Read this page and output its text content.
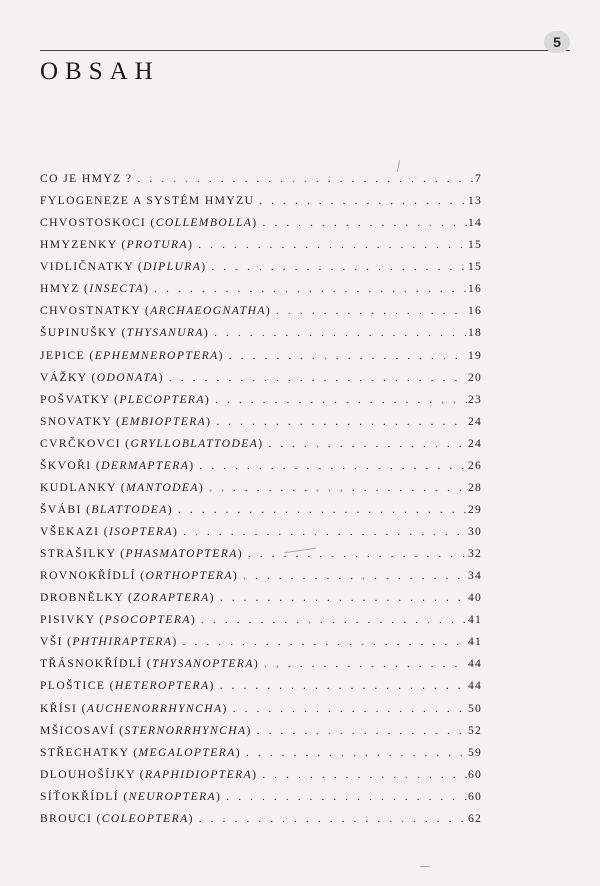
5
OBSAH
CO JE HMYZ ? . . .	7
FYLOGENEZE A SYSTÉM HMYZU . . .	13
CHVOSTOSKOCI (COLLEMBOLLA) . . .	14
HMYZENKY (PROTURA) . . .	15
VIDLIČNATKY (DIPLURA) . . .	15
HMYZ (INSECTA) . . .	16
CHVOSTNATKY (ARCHAEOGNATHA) . . .	16
ŠUPINUŠKY (THYSANURA) . . .	18
JEPICE (EPHEMNEROPTERA) . . .	19
VÁŽKY (ODONATA) . . .	20
POŠVATKY (PLECOPTERA) . . .	23
SNOVATKY (EMBIOPTERA) . . .	24
CVRČKOVCI (GRYLLOBLATTODEA) . . .	24
ŠKVOŘI (DERMAPTERA) . . .	26
KUDLANKY (MANTODEA) . . .	28
ŠVÁBI (BLATTODEA) . . .	29
VŠEKAZI (ISOPTERA) . . .	30
STRAŠILKY (PHASMATOPTERA) . . .	32
ROVNOKŘÍDLÍ (ORTHOPTERA) . . .	34
DROBNĚLKY (ZORAPTERA) . . .	40
PISIVKY (PSOCOPTERA) . . .	41
VŠI (PHTHIRAPTERA) . . .	41
TŘÁSNOKŘÍDLÍ (THYSANOPTERA) . . .	44
PLOŠTICE (HETEROPTERA) . . .	44
KŘÍSI (AUCHENORRHYNCHA) . . .	50
MŠICOSAVÍ (STERNORRHYNCHA) . . .	52
STŘECHATKY (MEGALOPTERA) . . .	59
DLOUHOŠÍJKY (RAPHIDIOPTERA) . . .	60
SÍŤOKŘÍDLÍ (NEUROPTERA) . . .	60
BROUCI (COLEOPTERA) . . .	62
